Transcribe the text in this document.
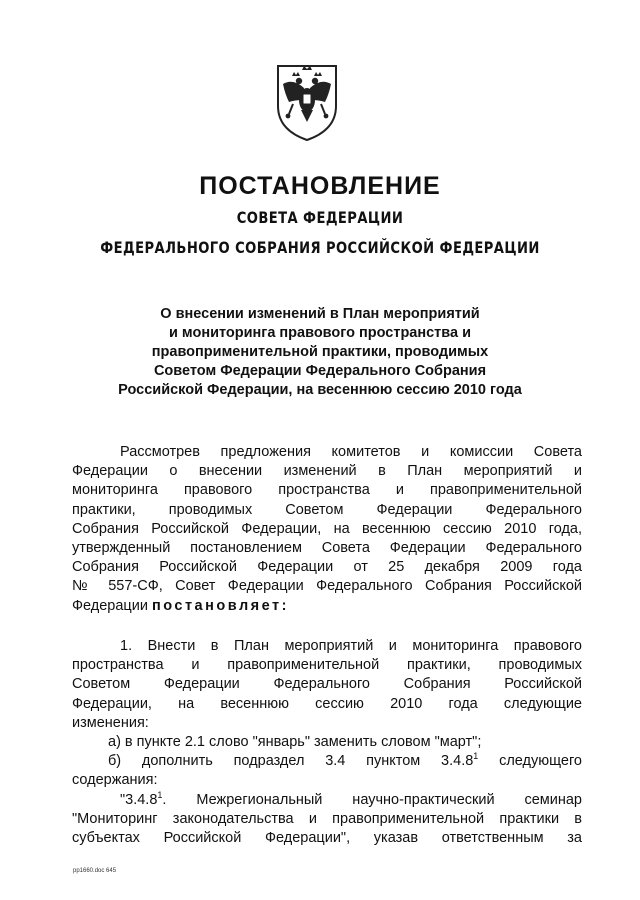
ПОСТАНОВЛЕНИЕ
СОВЕТА ФЕДЕРАЦИИ
ФЕДЕРАЛЬНОГО СОБРАНИЯ РОССИЙСКОЙ ФЕДЕРАЦИИ
О внесении изменений в План мероприятий
и мониторинга правового пространства и
правоприменительной практики, проводимых
Советом Федерации Федерального Собрания
Российской Федерации, на весеннюю сессию 2010 года
Рассмотрев предложения комитетов и комиссии Совета
Федерации о внесении изменений в План мероприятий и
мониторинга правового пространства и правоприменительной
практики, проводимых Советом Федерации Федерального
Собрания Российской Федерации, на весеннюю сессию 2010 года,
утвержденный постановлением Совета Федерации Федерального
Собрания Российской Федерации от 25 декабря 2009 года
№ 557-СФ, Совет Федерации Федерального Собрания Российской
Федерации постановляет:
1. Внести в План мероприятий и мониторинга правового
пространства и правоприменительной практики, проводимых
Советом Федерации Федерального Собрания Российской
Федерации, на весеннюю сессию 2010 года следующие
изменения:
а) в пункте 2.1 слово "январь" заменить словом "март";
б) дополнить подраздел 3.4 пунктом 3.4.8$^1$ следующего
содержания:
"3.4.8$^1$. Межрегиональный научно-практический семинар
"Мониторинг законодательства и правоприменительной практики в
субъектах Российской Федерации", указав ответственным за
pp1660.doc 645
